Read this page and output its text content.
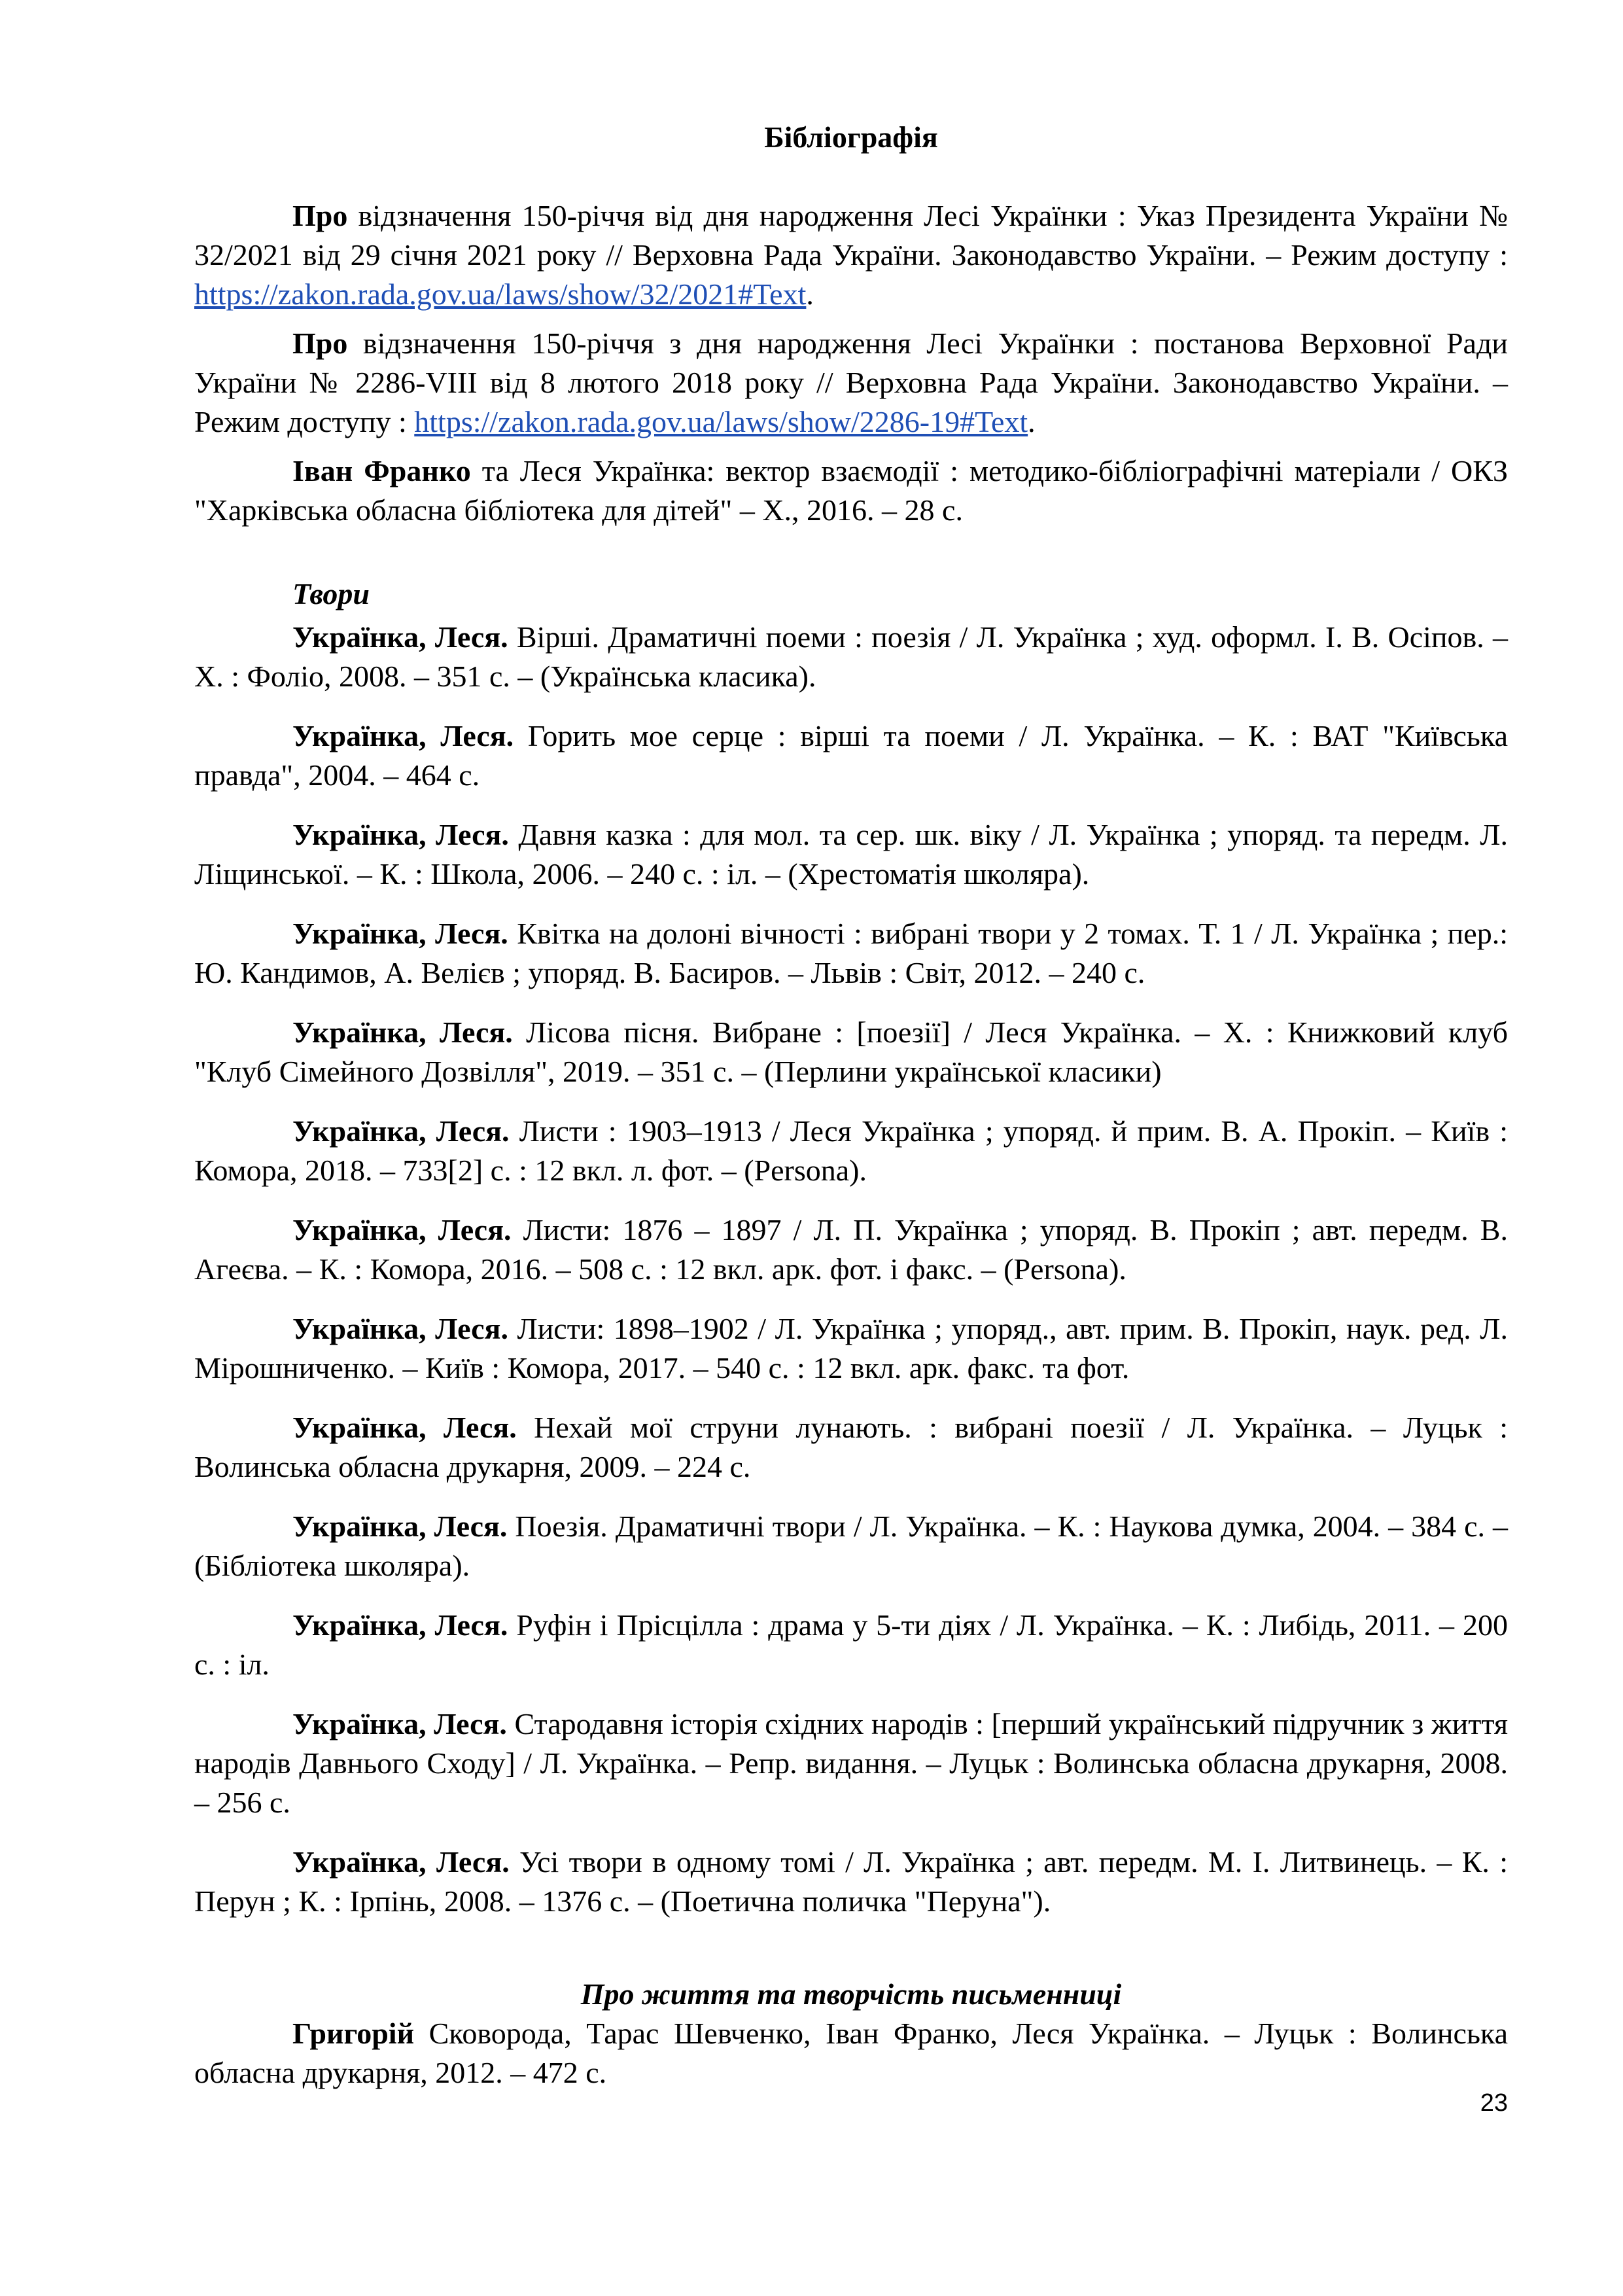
Бібліографія

Про відзначення 150-річчя від дня народження Лесі Українки : Указ Президента України № 32/2021 від 29 січня 2021 року // Верховна Рада України. Законодавство України. – Режим доступу : https://zakon.rada.gov.ua/laws/show/32/2021#Text.

Про відзначення 150-річчя з дня народження Лесі Українки : постанова Верховної Ради України № 2286-VIII від 8 лютого 2018 року // Верховна Рада України. Законодавство України. – Режим доступу : https://zakon.rada.gov.ua/laws/show/2286-19#Text.

Іван Франко та Леся Українка: вектор взаємодії : методико-бібліографічні матеріали / ОКЗ "Харківська обласна бібліотека для дітей" – Х., 2016. – 28 с.

Твори

Українка, Леся. Вірші. Драматичні поеми : поезія / Л. Українка ; худ. оформл. І. В. Осіпов. – Х. : Фоліо, 2008. – 351 с. – (Українська класика).

Українка, Леся. Горить мое серце : вірші та поеми / Л. Українка. – К. : ВАТ "Київська правда", 2004. – 464 с.

Українка, Леся. Давня казка : для мол. та сер. шк. віку / Л. Українка ; упоряд. та передм. Л. Ліщинської. – К. : Школа, 2006. – 240 с. : іл. – (Хрестоматія школяра).

Українка, Леся. Квітка на долоні вічності : вибрані твори у 2 томах. Т. 1 / Л. Українка ; пер.: Ю. Кандимов, А. Велієв ; упоряд. В. Басиров. – Львів : Світ, 2012. – 240 с.

Українка, Леся. Лісова пісня. Вибране : [поезії] / Леся Українка. – Х. : Книжковий клуб "Клуб Сімейного Дозвілля", 2019. – 351 с. – (Перлини української класики)

Українка, Леся. Листи : 1903–1913 / Леся Українка ; упоряд. й прим. В. А. Прокіп. – Київ : Комора, 2018. – 733[2] с. : 12 вкл. л. фот. – (Persona).

Українка, Леся. Листи: 1876 – 1897 / Л. П. Українка ; упоряд. В. Прокіп ; авт. передм. В. Агеєва. – К. : Комора, 2016. – 508 с. : 12 вкл. арк. фот. і факс. – (Persona).

Українка, Леся. Листи: 1898–1902 / Л. Українка ; упоряд., авт. прим. В. Прокіп, наук. ред. Л. Мірошниченко. – Київ : Комора, 2017. – 540 с. : 12 вкл. арк. факс. та фот.

Українка, Леся. Нехай мої струни лунають. : вибрані поезії / Л. Українка. – Луцьк : Волинська обласна друкарня, 2009. – 224 с.

Українка, Леся. Поезія. Драматичні твори / Л. Українка. – К. : Наукова думка, 2004. – 384 с. – (Бібліотека школяра).

Українка, Леся. Руфін і Прісцілла : драма у 5-ти діях / Л. Українка. – К. : Либідь, 2011. – 200 с. : іл.

Українка, Леся. Стародавня історія східних народів : [перший український підручник з життя народів Давнього Сходу] / Л. Українка. – Репр. видання. – Луцьк : Волинська обласна друкарня, 2008. – 256 с.

Українка, Леся. Усі твори в одному томі / Л. Українка ; авт. передм. М. І. Литвинець. – К. : Перун ; К. : Ірпінь, 2008. – 1376 с. – (Поетична поличка "Перуна").

Про життя та творчість письменниці

Григорій Сковорода, Тарас Шевченко, Іван Франко, Леся Українка. – Луцьк : Волинська обласна друкарня, 2012. – 472 с.

23
